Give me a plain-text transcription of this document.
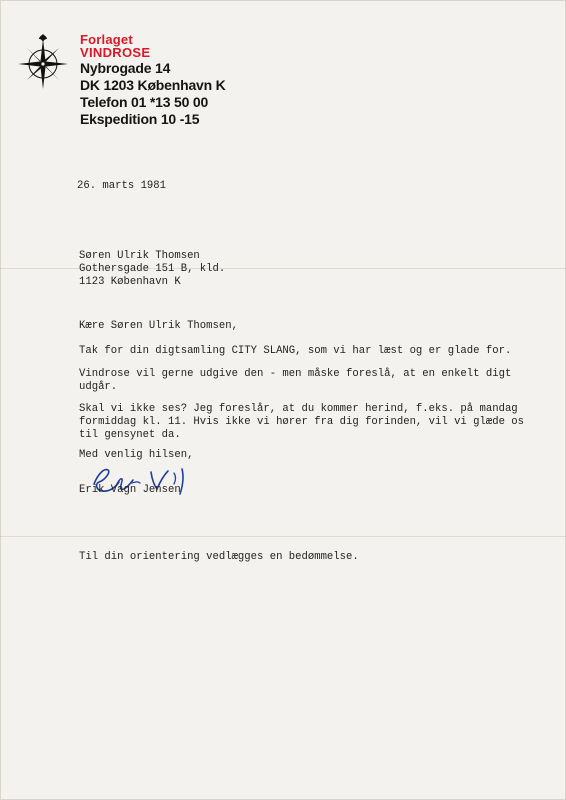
Forlaget
VINDROSE
Nybrogade 14
DK 1203 København K
Telefon 01 *13 50 00
Ekspedition 10 -15
26. marts 1981
Søren Ulrik Thomsen
Gothersgade 151 B, kld.
1123 København K
Kære Søren Ulrik Thomsen,
Tak for din digtsamling CITY SLANG, som vi har læst og er glade for.
Vindrose vil gerne udgive den - men måske foreslå, at en enkelt digt
udgår.
Skal vi ikke ses? Jeg foreslår, at du kommer herind, f.eks. på mandag
formiddag kl. 11. Hvis ikke vi hører fra dig forinden, vil vi glæde os
til gensynet da.
Med venlig hilsen,
Erik Vagn Jensen
Til din orientering vedlægges en bedømmelse.
